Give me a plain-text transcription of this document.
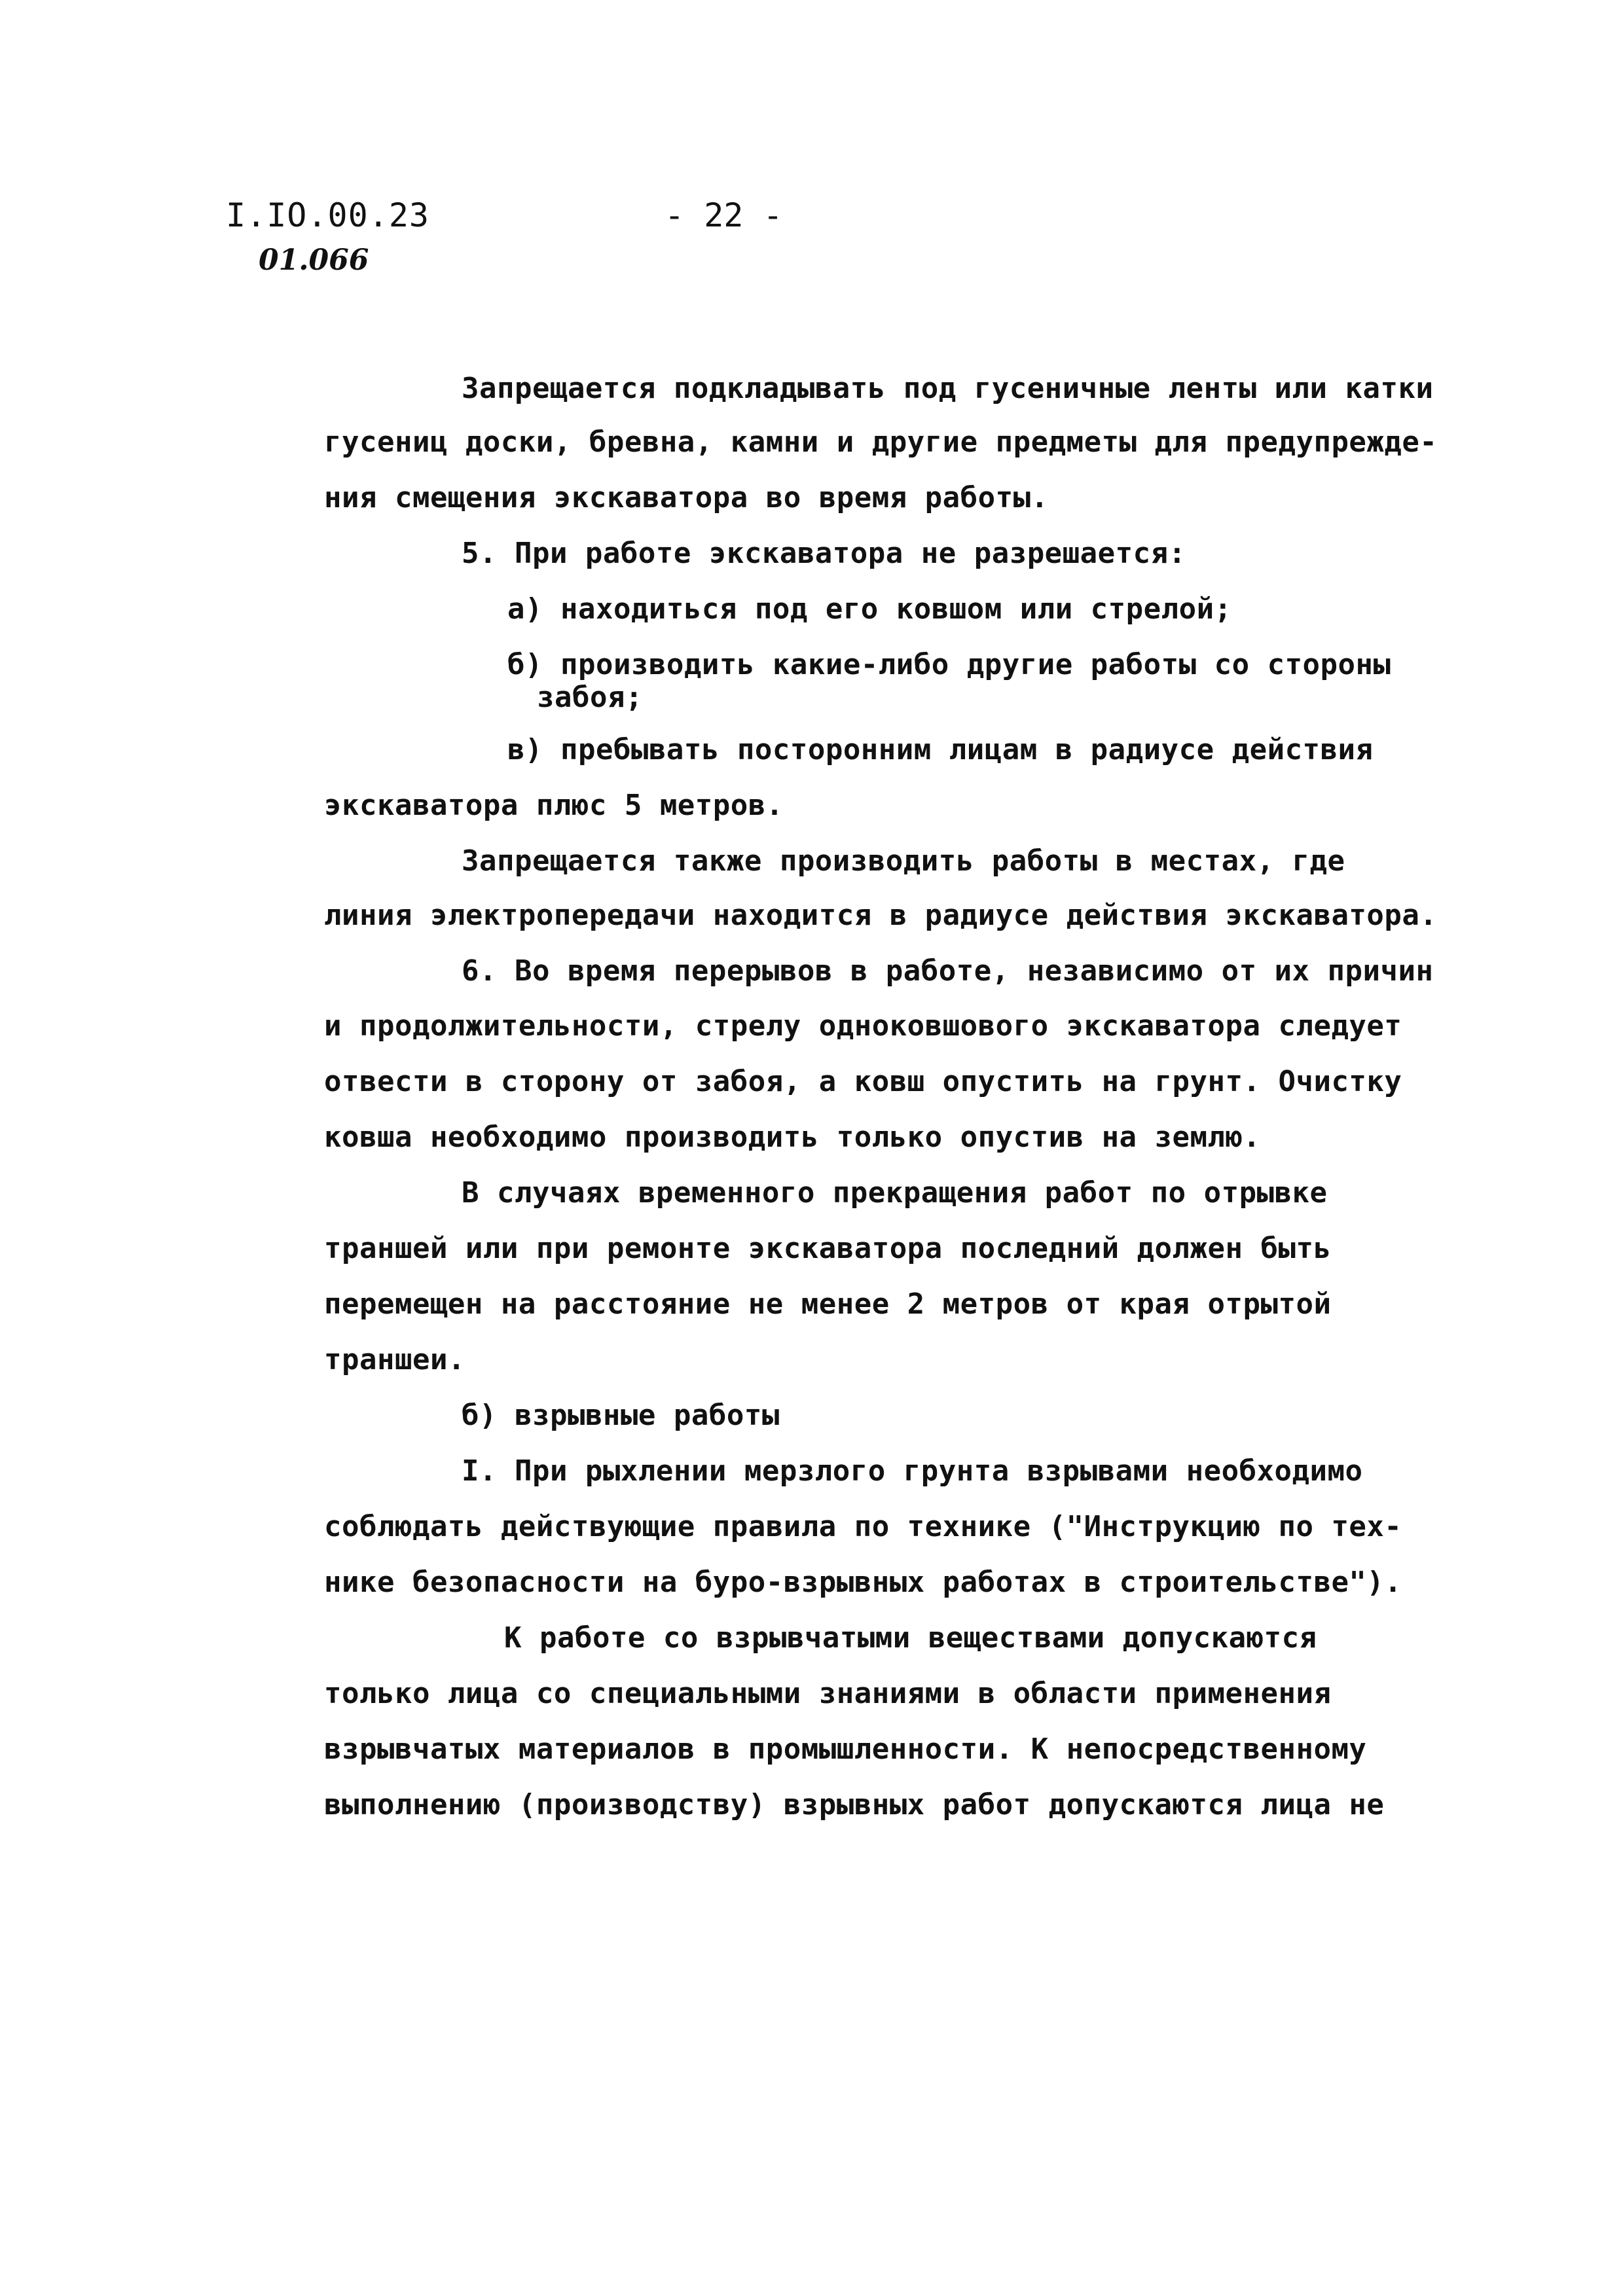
I.IO.00.23
01.066
- 22 -
Запрещается подкладывать под гусеничные ленты или катки
гусениц доски, бревна, камни и другие предметы для предупрежде-
ния смещения экскаватора во время работы.
5. При работе экскаватора не разрешается:
а) находиться под его ковшом или стрелой;
б) производить какие-либо другие работы со стороны
забоя;
в) пребывать посторонним лицам в радиусе действия
экскаватора плюс 5 метров.
Запрещается также производить работы в местах, где
линия электропередачи находится в радиусе действия экскаватора.
6. Во время перерывов в работе, независимо от их причин
и продолжительности, стрелу одноковшового экскаватора следует
отвести в сторону от забоя, а ковш опустить на грунт. Очистку
ковша необходимо производить только опустив на землю.
В случаях временного прекращения работ по отрывке
траншей или при ремонте экскаватора последний должен быть
перемещен на расстояние не менее 2 метров от края отрытой
траншеи.
б) взрывные работы
I. При рыхлении мерзлого грунта взрывами необходимо
соблюдать действующие правила по технике ("Инструкцию по тех-
нике безопасности на буро-взрывных работах в строительстве").
К работе со взрывчатыми веществами допускаются
только лица со специальными знаниями в области применения
взрывчатых материалов в промышленности. К непосредственному
выполнению (производству) взрывных работ допускаются лица не
